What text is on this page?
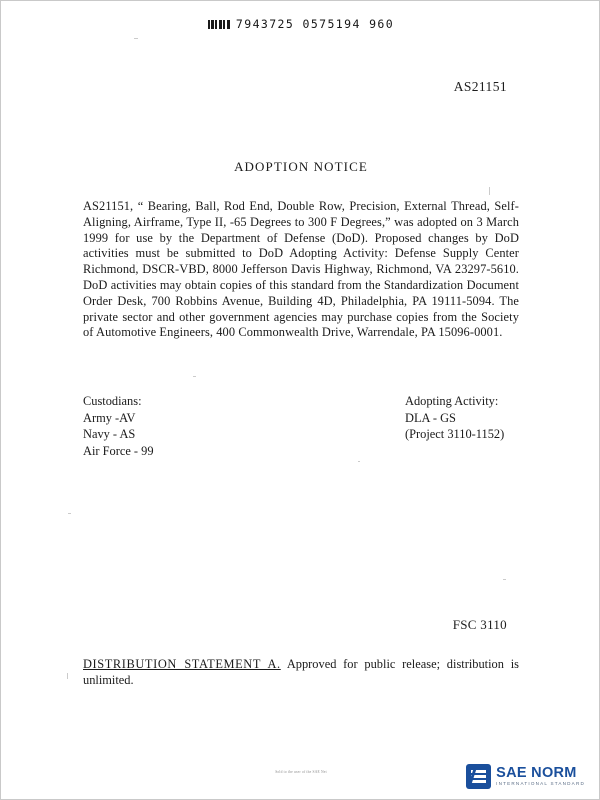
7943725 0575194 960
AS21151
ADOPTION NOTICE
AS21151, “ Bearing, Ball, Rod End, Double Row, Precision, External Thread, Self-Aligning, Airframe, Type II, -65 Degrees to 300 F Degrees,” was adopted on 3 March 1999 for use by the Department of Defense (DoD). Proposed changes by DoD activities must be submitted to DoD Adopting Activity: Defense Supply Center Richmond, DSCR-VBD, 8000 Jefferson Davis Highway, Richmond, VA 23297-5610. DoD activities may obtain copies of this standard from the Standardization Document Order Desk, 700 Robbins Avenue, Building 4D, Philadelphia, PA 19111-5094. The private sector and other government agencies may purchase copies from the Society of Automotive Engineers, 400 Commonwealth Drive, Warrendale, PA 15096-0001.
Custodians:
Army -AV
Navy - AS
Air Force - 99
Adopting Activity:
DLA - GS
(Project 3110-1152)
FSC 3110
DISTRIBUTION STATEMENT A. Approved for public release; distribution is unlimited.
Sold to the user of the SAE Net	SAE NORM
INTERNATIONAL STANDARD
